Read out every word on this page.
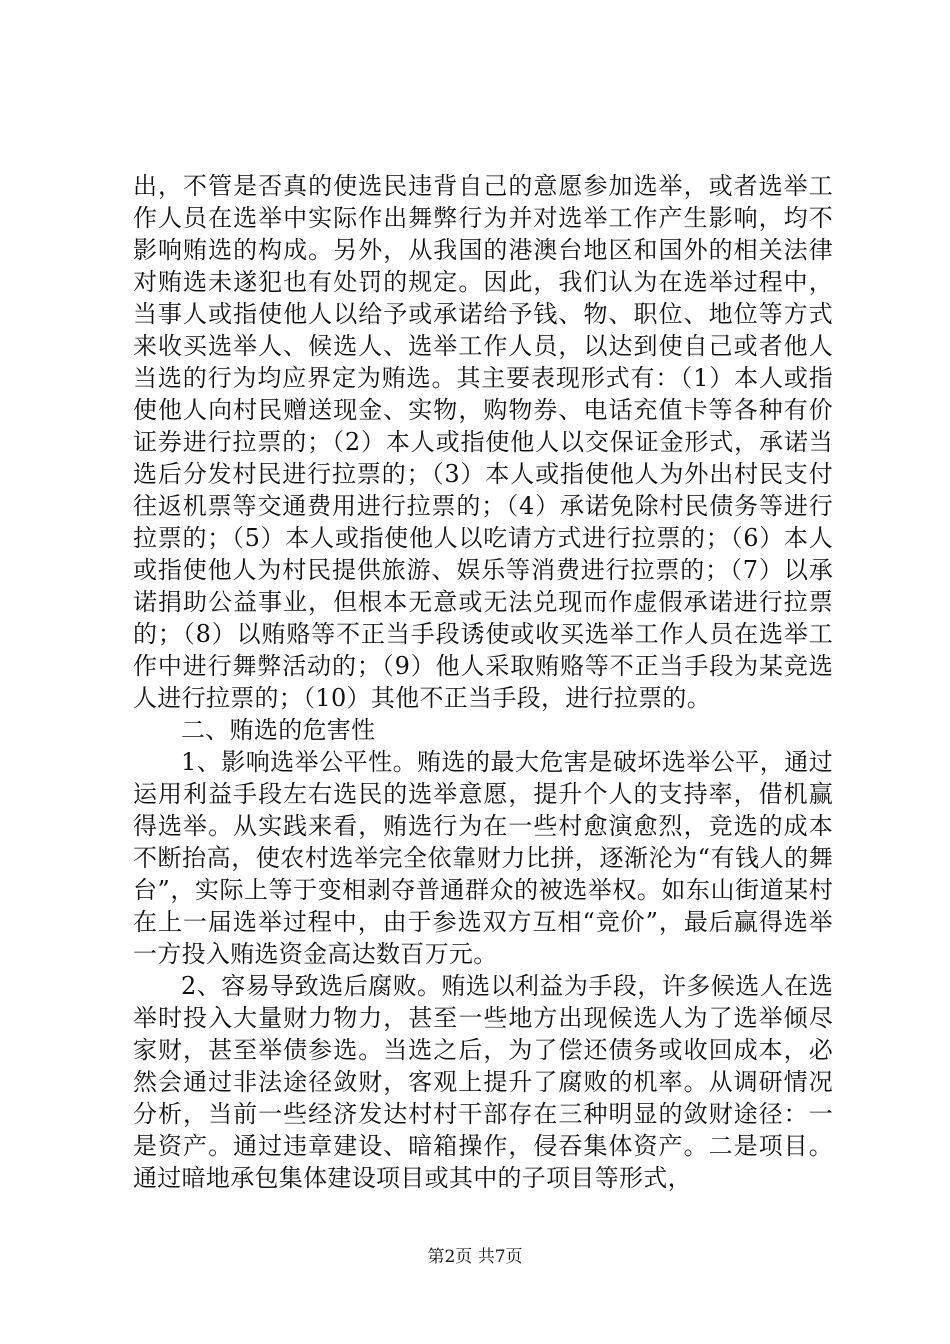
出，不管是否真的使选民违背自己的意愿参加选举，或者选举工作人员在选举中实际作出舞弊行为并对选举工作产生影响，均不影响贿选的构成。另外，从我国的港澳台地区和国外的相关法律对贿选未遂犯也有处罚的规定。因此，我们认为在选举过程中，当事人或指使他人以给予或承诺给予钱、物、职位、地位等方式来收买选举人、候选人、选举工作人员，以达到使自己或者他人当选的行为均应界定为贿选。其主要表现形式有：（1）本人或指使他人向村民赠送现金、实物，购物券、电话充值卡等各种有价证券进行拉票的；（2）本人或指使他人以交保证金形式，承诺当选后分发村民进行拉票的；（3）本人或指使他人为外出村民支付往返机票等交通费用进行拉票的；（4）承诺免除村民债务等进行拉票的；（5）本人或指使他人以吃请方式进行拉票的；（6）本人或指使他人为村民提供旅游、娱乐等消费进行拉票的；（7）以承诺捐助公益事业，但根本无意或无法兑现而作虚假承诺进行拉票的；（8）以贿赂等不正当手段诱使或收买选举工作人员在选举工作中进行舞弊活动的；（9）他人采取贿赂等不正当手段为某竞选人进行拉票的；（10）其他不正当手段，进行拉票的。

二、贿选的危害性

1、影响选举公平性。贿选的最大危害是破坏选举公平，通过运用利益手段左右选民的选举意愿，提升个人的支持率，借机赢得选举。从实践来看，贿选行为在一些村愈演愈烈，竞选的成本不断抬高，使农村选举完全依靠财力比拼，逐渐沦为“有钱人的舞台”，实际上等于变相剥夺普通群众的被选举权。如东山街道某村在上一届选举过程中，由于参选双方互相“竞价”，最后赢得选举一方投入贿选资金高达数百万元。

2、容易导致选后腐败。贿选以利益为手段，许多候选人在选举时投入大量财力物力，甚至一些地方出现候选人为了选举倾尽家财，甚至举债参选。当选之后，为了偿还债务或收回成本，必然会通过非法途径敛财，客观上提升了腐败的机率。从调研情况分析，当前一些经济发达村村干部存在三种明显的敛财途径：一是资产。通过违章建设、暗箱操作，侵吞集体资产。二是项目。通过暗地承包集体建设项目或其中的子项目等形式，

第2页 共7页
